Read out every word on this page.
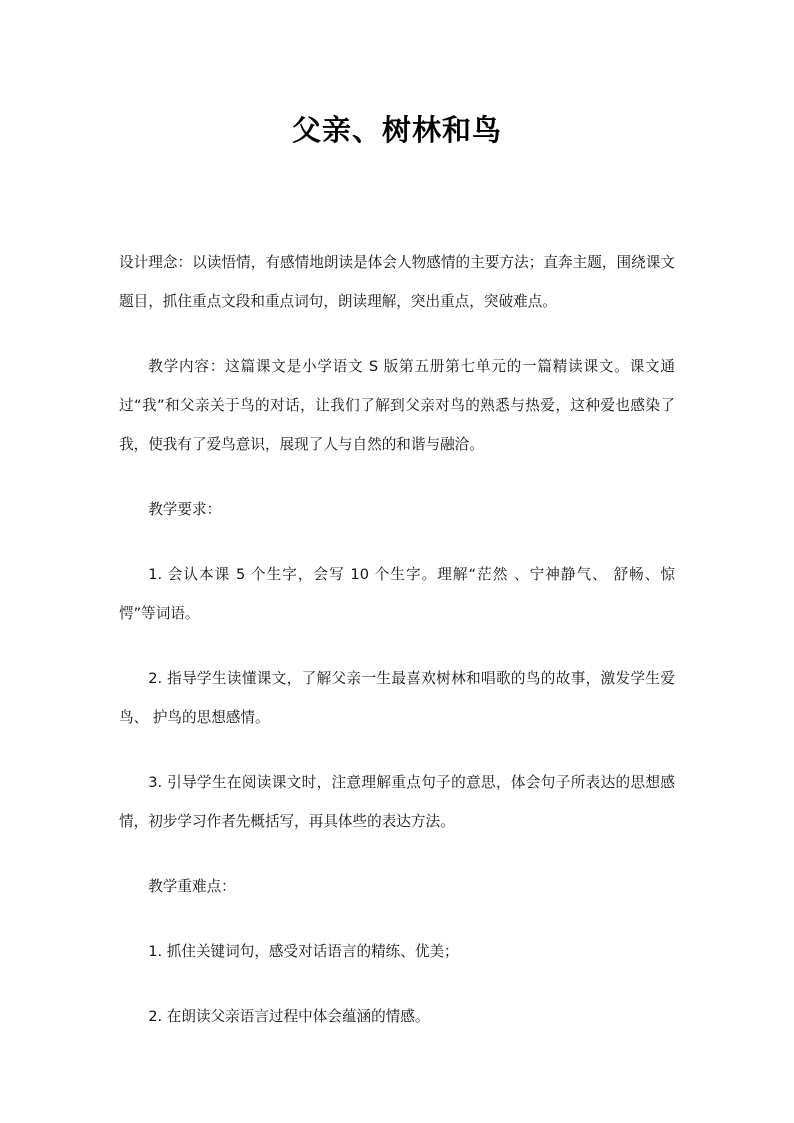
父亲、树林和鸟

设计理念：以读悟情，有感情地朗读是体会人物感情的主要方法；直奔主题，围绕课文题目，抓住重点文段和重点词句，朗读理解，突出重点，突破难点。

教学内容：这篇课文是小学语文 S 版第五册第七单元的一篇精读课文。课文通过“我”和父亲关于鸟的对话，让我们了解到父亲对鸟的熟悉与热爱，这种爱也感染了我，使我有了爱鸟意识，展现了人与自然的和谐与融洽。

教学要求：

1. 会认本课 5 个生字，会写 10 个生字。理解“茫然 、宁神静气、 舒畅、惊愕”等词语。

2. 指导学生读懂课文，了解父亲一生最喜欢树林和唱歌的鸟的故事，激发学生爱鸟、 护鸟的思想感情。

3. 引导学生在阅读课文时，注意理解重点句子的意思，体会句子所表达的思想感情，初步学习作者先概括写，再具体些的表达方法。

教学重难点：

1. 抓住关键词句，感受对话语言的精练、优美；

2. 在朗读父亲语言过程中体会蕴涵的情感。
